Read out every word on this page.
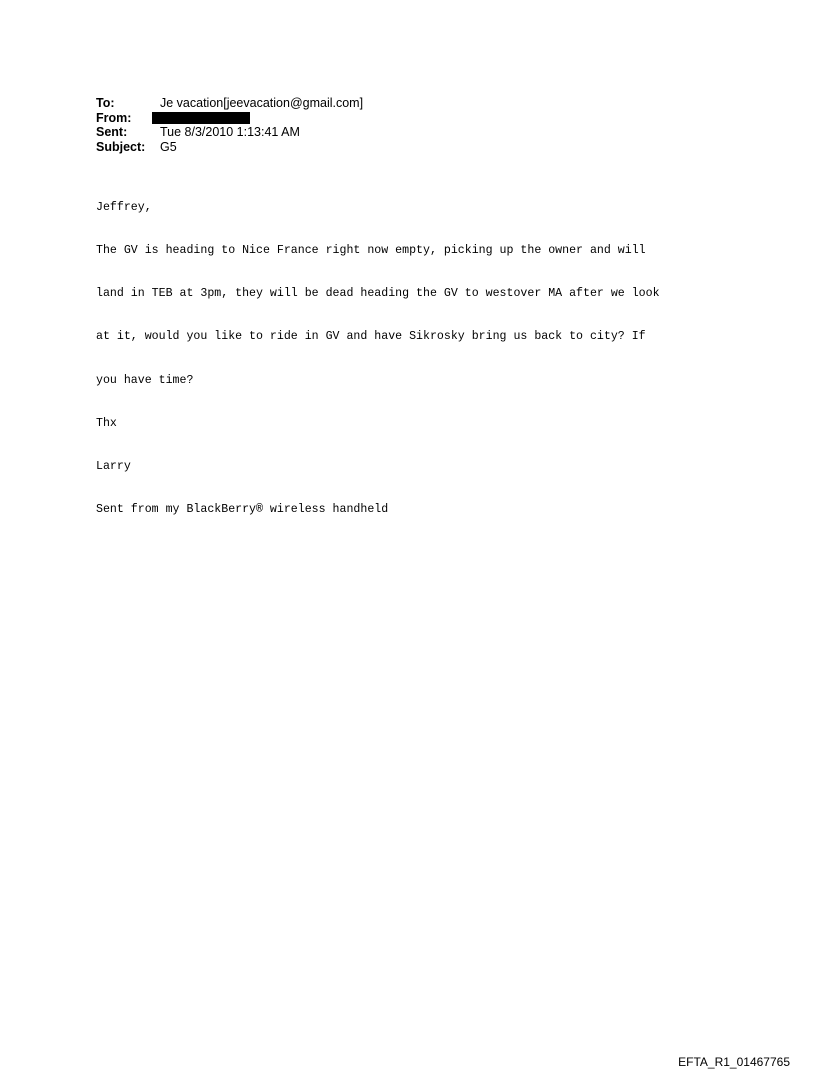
To:	Je vacation[jeevacation@gmail.com]
From:
Sent:	Tue 8/3/2010 1:13:41 AM
Subject:	G5

Jeffrey,

The GV is heading to Nice France right now empty, picking up the owner and will

land in TEB at 3pm, they will be dead heading the GV to westover MA after we look

at it, would you like to ride in GV and have Sikrosky bring us back to city? If

you have time?

Thx

Larry

Sent from my BlackBerry® wireless handheld

EFTA_R1_01467765
